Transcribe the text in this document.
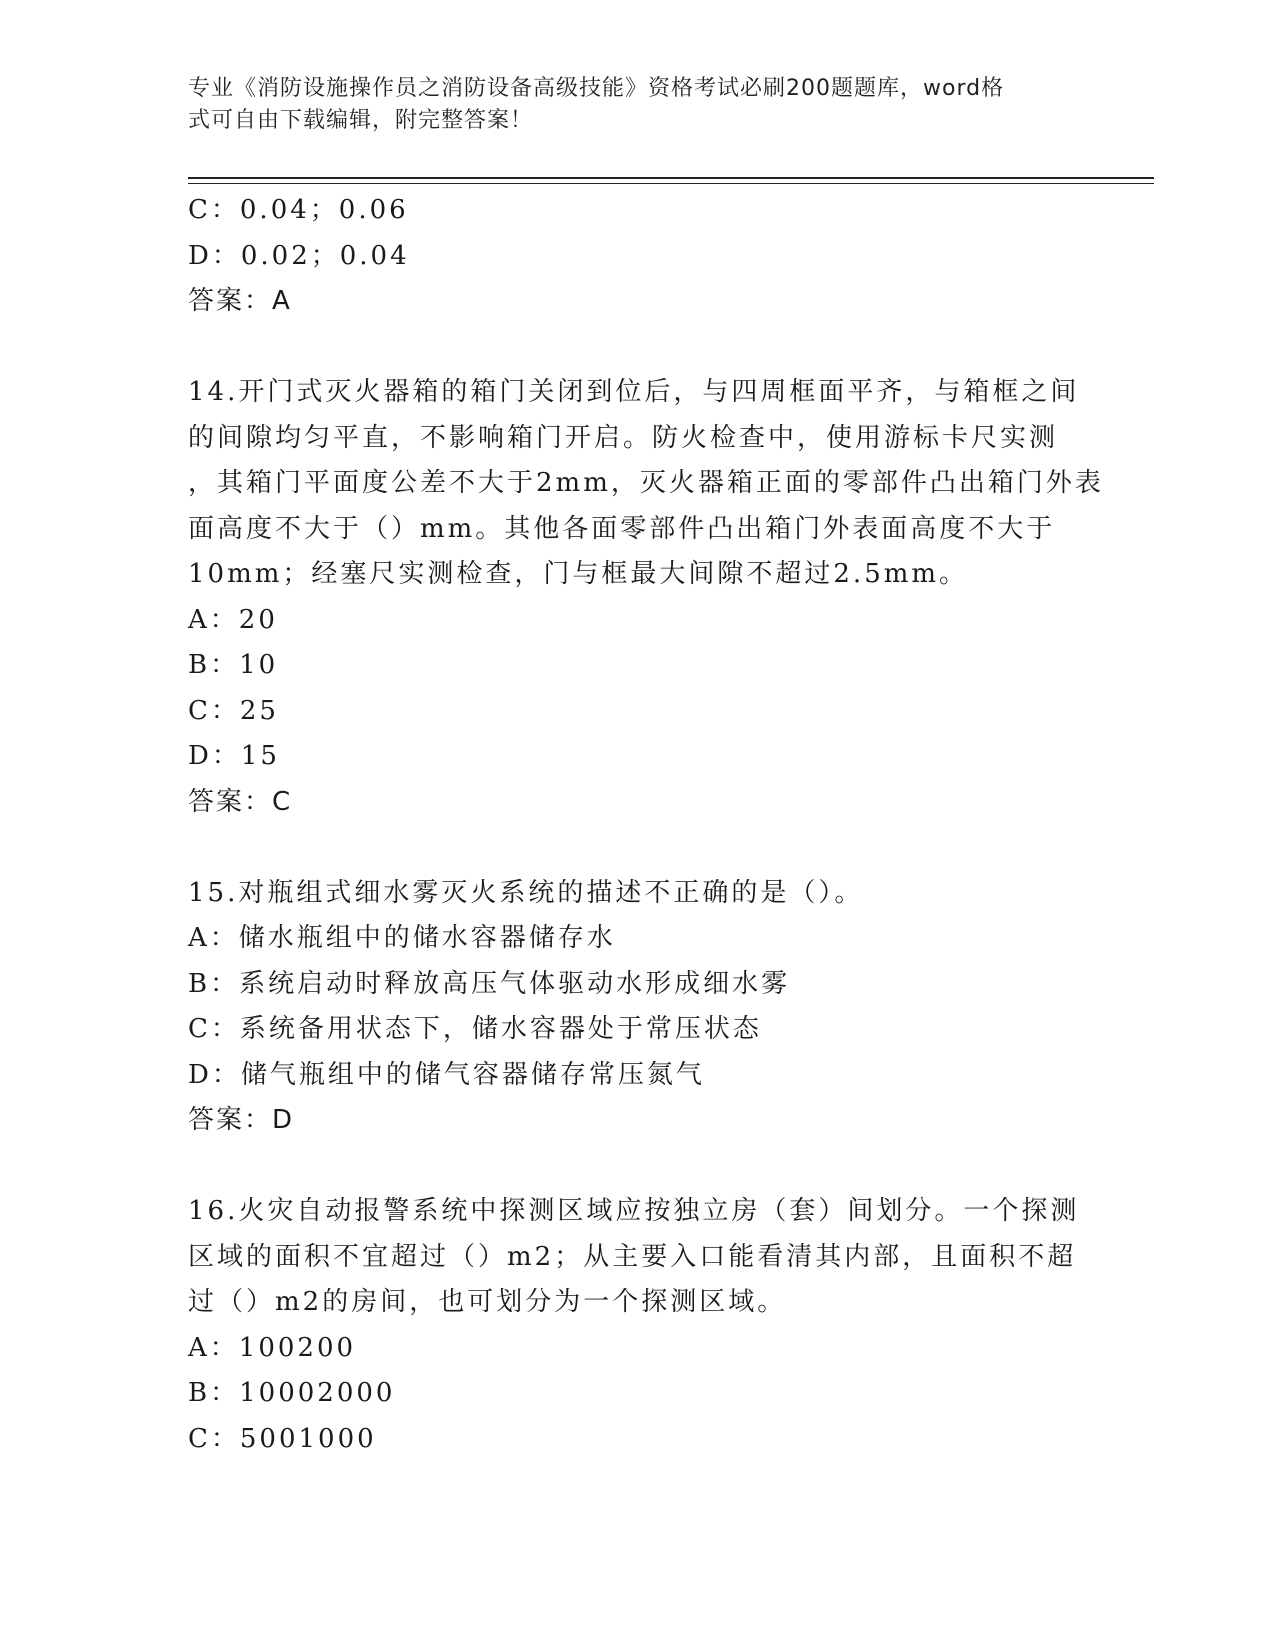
专业《消防设施操作员之消防设备高级技能》资格考试必刷200题题库，word格
式可自由下载编辑，附完整答案！
C：0.04；0.06
D：0.02；0.04
答案：A
14.开门式灭火器箱的箱门关闭到位后，与四周框面平齐，与箱框之间
的间隙均匀平直，不影响箱门开启。防火检查中，使用游标卡尺实测
，其箱门平面度公差不大于2mm，灭火器箱正面的零部件凸出箱门外表
面高度不大于（）mm。其他各面零部件凸出箱门外表面高度不大于
10mm；经塞尺实测检查，门与框最大间隙不超过2.5mm。
A：20
B：10
C：25
D：15
答案：C
15.对瓶组式细水雾灭火系统的描述不正确的是（）。
A：储水瓶组中的储水容器储存水
B：系统启动时释放高压气体驱动水形成细水雾
C：系统备用状态下，储水容器处于常压状态
D：储气瓶组中的储气容器储存常压氮气
答案：D
16.火灾自动报警系统中探测区域应按独立房（套）间划分。一个探测
区域的面积不宜超过（）m2；从主要入口能看清其内部，且面积不超
过（）m2的房间，也可划分为一个探测区域。
A：100200
B：10002000
C：5001000
